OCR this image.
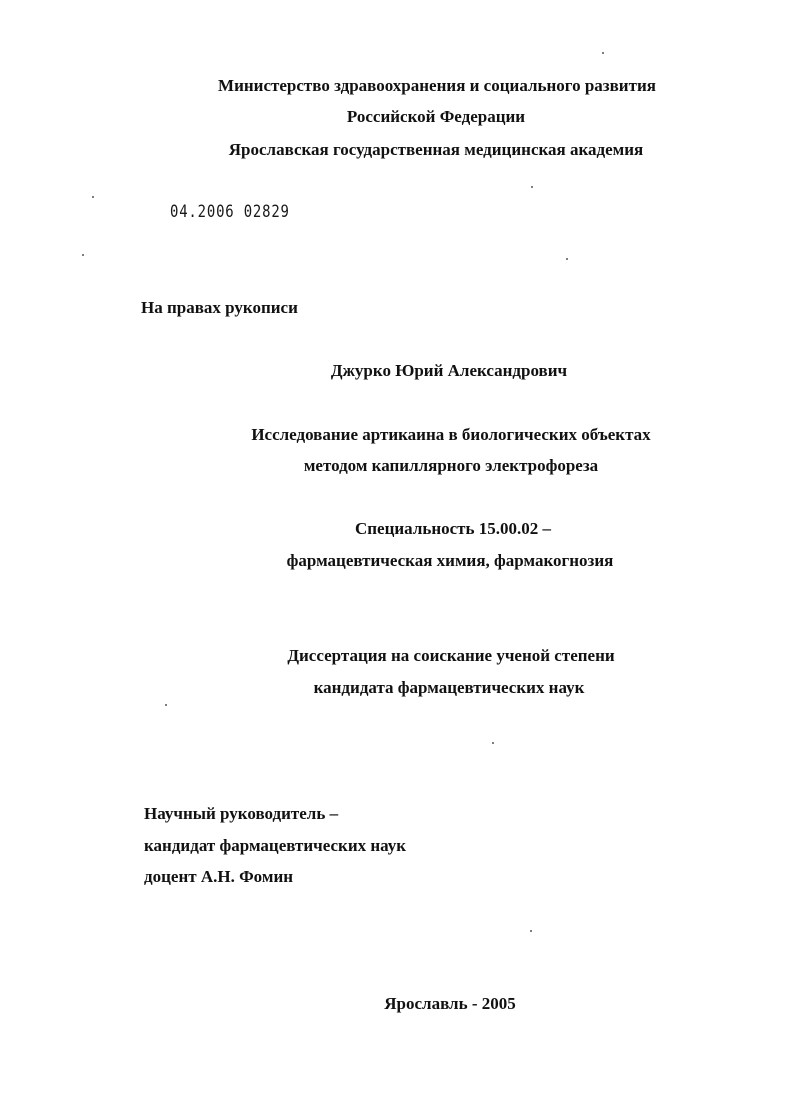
Министерство здравоохранения и социального развития
Российской Федерации
Ярославская государственная медицинская академия
04.2006 02829
На правах рукописи
Джурко Юрий Александрович
Исследование артикаина в биологических объектах
методом капиллярного электрофореза
Специальность 15.00.02 –
фармацевтическая химия, фармакогнозия
Диссертация на соискание ученой степени
кандидата фармацевтических наук
Научный руководитель –
кандидат фармацевтических наук
доцент А.Н. Фомин
Ярославль - 2005
